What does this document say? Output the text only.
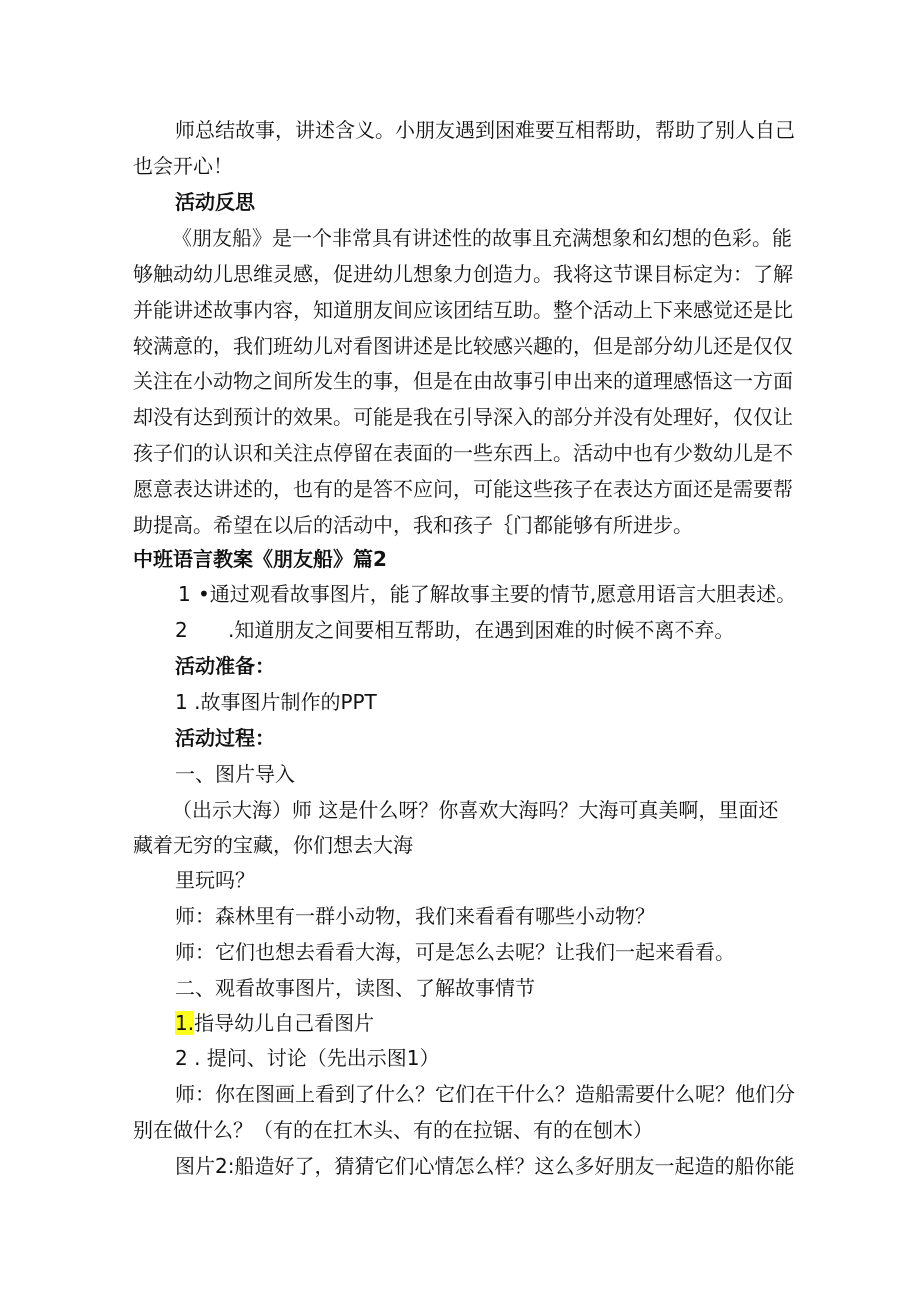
师总结故事，讲述含义。小朋友遇到困难要互相帮助，帮助了别人自己
也会开心！
活动反思
《朋友船》是一个非常具有讲述性的故事且充满想象和幻想的色彩。能
够触动幼儿思维灵感，促进幼儿想象力创造力。我将这节课目标定为：了解
并能讲述故事内容，知道朋友间应该团结互助。整个活动上下来感觉还是比
较满意的，我们班幼儿对看图讲述是比较感兴趣的，但是部分幼儿还是仅仅
关注在小动物之间所发生的事，但是在由故事引申出来的道理感悟这一方面
却没有达到预计的效果。可能是我在引导深入的部分并没有处理好，仅仅让
孩子们的认识和关注点停留在表面的一些东西上。活动中也有少数幼儿是不
愿意表达讲述的，也有的是答不应问，可能这些孩子在表达方面还是需要帮
助提高。希望在以后的活动中，我和孩子｛门都能够有所进步。
中班语言教案《朋友船》篇2
1 •通过观看故事图片，能了解故事主要的情节,愿意用语言大胆表述。
2 .知道朋友之间要相互帮助，在遇到困难的时候不离不弃。
活动准备：
1 .故事图片制作的PPT
活动过程：
一、图片导入
（出示大海）师 这是什么呀？你喜欢大海吗？大海可真美啊，里面还
藏着无穷的宝藏，你们想去大海
里玩吗？
师：森林里有一群小动物，我们来看看有哪些小动物？
师：它们也想去看看大海，可是怎么去呢？让我们一起来看看。
二、观看故事图片，读图、了解故事情节
1.指导幼儿自己看图片
2 . 提问、讨论（先出示图1）
师：你在图画上看到了什么？它们在干什么？造船需要什么呢？他们分
别在做什么？（有的在扛木头、有的在拉锯、有的在刨木）
图片2:船造好了，猜猜它们心情怎么样？这么多好朋友一起造的船你能
